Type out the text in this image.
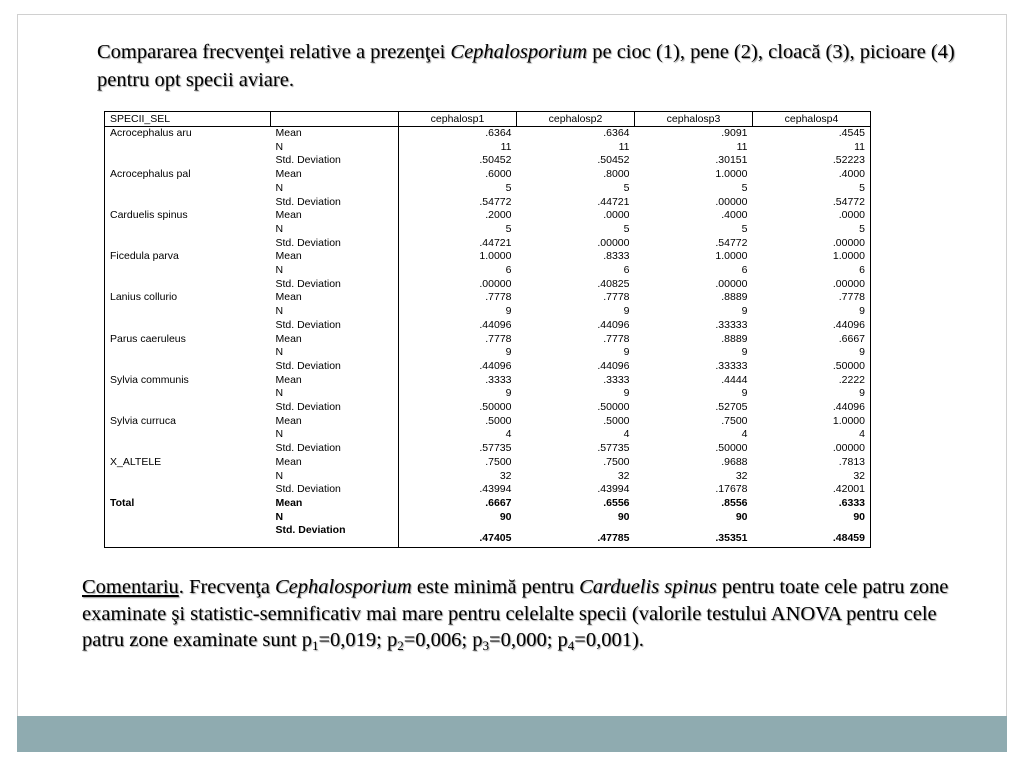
Compararea frecvenţei relative a prezenţei Cephalosporium pe cioc (1), pene (2), cloacă (3), picioare (4) pentru opt specii aviare.
SPECII_SEL		cephalosp1	cephalosp2	cephalosp3	cephalosp4
Acrocephalus aru	Mean	.6364	.6364	.9091	.4545
	N	11	11	11	11
	Std. Deviation	.50452	.50452	.30151	.52223
Acrocephalus pal	Mean	.6000	.8000	1.0000	.4000
	N	5	5	5	5
	Std. Deviation	.54772	.44721	.00000	.54772
Carduelis spinus	Mean	.2000	.0000	.4000	.0000
	N	5	5	5	5
	Std. Deviation	.44721	.00000	.54772	.00000
Ficedula parva	Mean	1.0000	.8333	1.0000	1.0000
	N	6	6	6	6
	Std. Deviation	.00000	.40825	.00000	.00000
Lanius collurio	Mean	.7778	.7778	.8889	.7778
	N	9	9	9	9
	Std. Deviation	.44096	.44096	.33333	.44096
Parus caeruleus	Mean	.7778	.7778	.8889	.6667
	N	9	9	9	9
	Std. Deviation	.44096	.44096	.33333	.50000
Sylvia communis	Mean	.3333	.3333	.4444	.2222
	N	9	9	9	9
	Std. Deviation	.50000	.50000	.52705	.44096
Sylvia curruca	Mean	.5000	.5000	.7500	1.0000
	N	4	4	4	4
	Std. Deviation	.57735	.57735	.50000	.00000
X_ALTELE	Mean	.7500	.7500	.9688	.7813
	N	32	32	32	32
	Std. Deviation	.43994	.43994	.17678	.42001
Total	Mean	.6667	.6556	.8556	.6333
	N	90	90	90	90
	Std. Deviation	.47405	.47785	.35351	.48459
Comentariu. Frecvenţa Cephalosporium este minimă pentru Carduelis spinus pentru toate cele patru zone examinate şi statistic-semnificativ mai mare pentru celelalte specii (valorile testului ANOVA pentru cele patru zone examinate sunt $p_1=0,019$; $p_2=0,006$; $p_3=0,000$; $p_4=0,001$).
